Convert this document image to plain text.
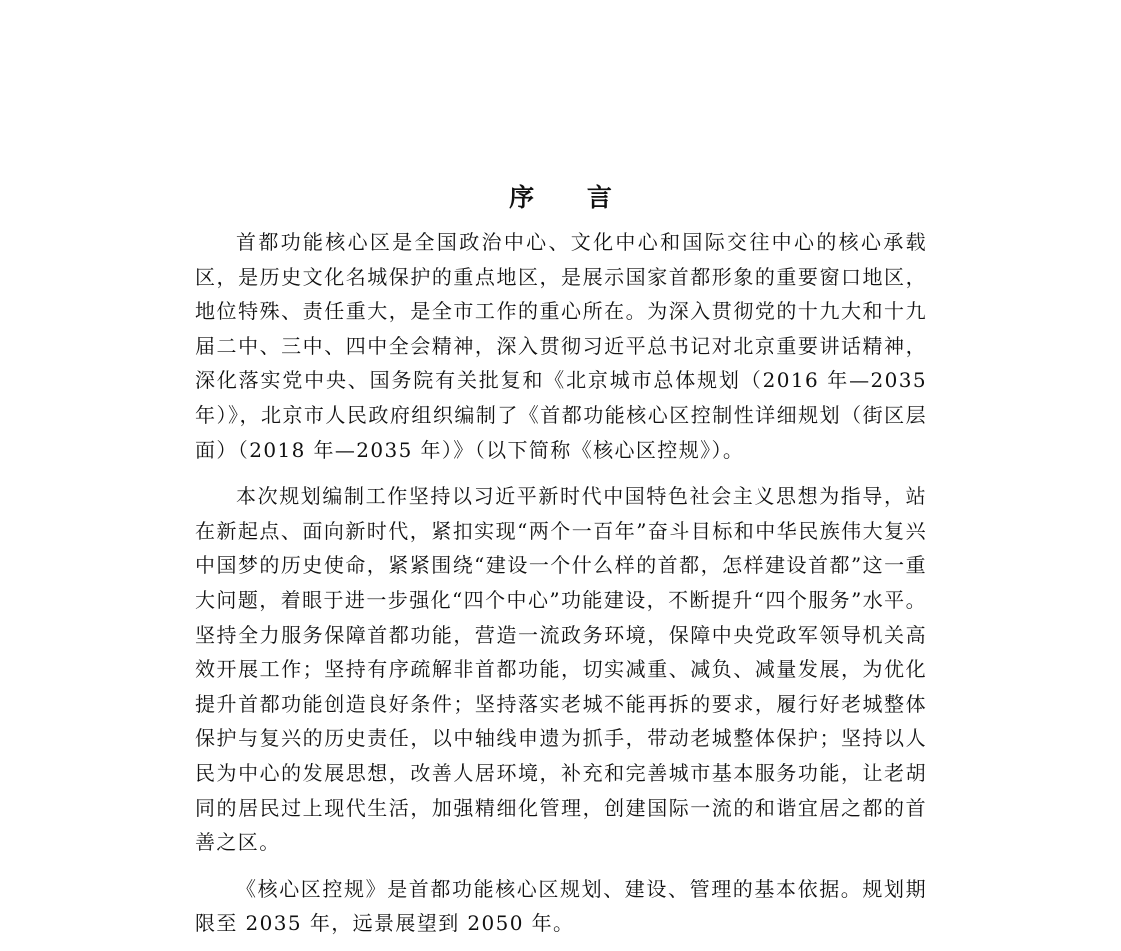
序 言

首都功能核心区是全国政治中心、文化中心和国际交往中心的核心承载区，是历史文化名城保护的重点地区，是展示国家首都形象的重要窗口地区，地位特殊、责任重大，是全市工作的重心所在。为深入贯彻党的十九大和十九届二中、三中、四中全会精神，深入贯彻习近平总书记对北京重要讲话精神，深化落实党中央、国务院有关批复和《北京城市总体规划（2016 年—2035 年）》，北京市人民政府组织编制了《首都功能核心区控制性详细规划（街区层面）（2018 年—2035 年）》（以下简称《核心区控规》）。

本次规划编制工作坚持以习近平新时代中国特色社会主义思想为指导，站在新起点、面向新时代，紧扣实现“两个一百年”奋斗目标和中华民族伟大复兴中国梦的历史使命，紧紧围绕“建设一个什么样的首都，怎样建设首都”这一重大问题，着眼于进一步强化“四个中心”功能建设，不断提升“四个服务”水平。坚持全力服务保障首都功能，营造一流政务环境，保障中央党政军领导机关高效开展工作；坚持有序疏解非首都功能，切实减重、减负、减量发展，为优化提升首都功能创造良好条件；坚持落实老城不能再拆的要求，履行好老城整体保护与复兴的历史责任，以中轴线申遗为抓手，带动老城整体保护；坚持以人民为中心的发展思想，改善人居环境，补充和完善城市基本服务功能，让老胡同的居民过上现代生活，加强精细化管理，创建国际一流的和谐宜居之都的首善之区。

《核心区控规》是首都功能核心区规划、建设、管理的基本依据。规划期限至 2035 年，远景展望到 2050 年。
